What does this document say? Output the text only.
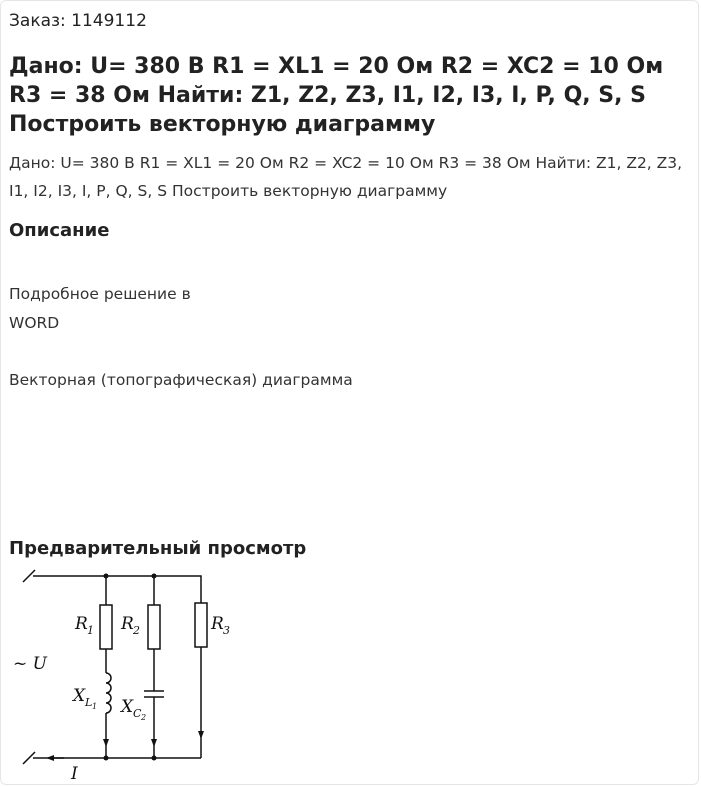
Заказ: 1149112
Дано: U= 380 В R1 = XL1 = 20 Ом R2 = XC2 = 10 Ом R3 = 38 Ом Найти: Z1, Z2, Z3, I1, I2, I3, I, P, Q, S, S Построить векторную диаграмму

Дано: U= 380 В R1 = XL1 = 20 Ом R2 = XC2 = 10 Ом R3 = 38 Ом Найти: Z1, Z2, Z3, I1, I2, I3, I, P, Q, S, S Построить векторную диаграмму

Описание
Подробное решение в
WORD
Векторная (топографическая) диаграмма
Предварительный просмотр
~ U
R 1 R 2	R 3
X L 1 X C 2
I
